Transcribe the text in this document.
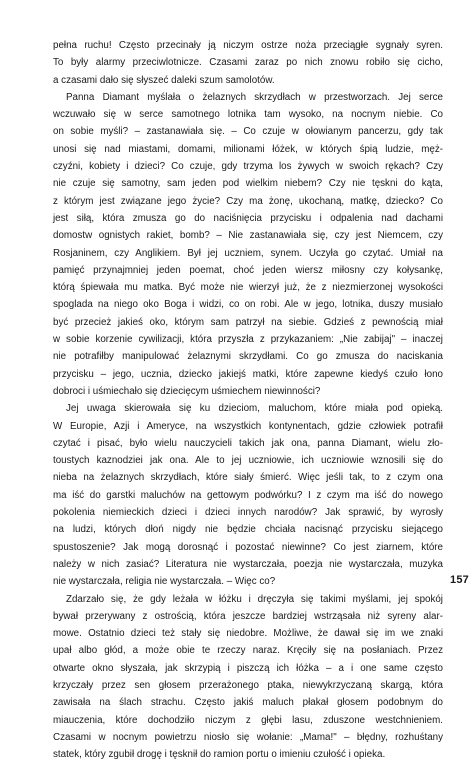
pełna ruchu! Często przecinały ją niczym ostrze noża przeciągłe sygnały syren.
To były alarmy przeciwlotnicze. Czasami zaraz po nich znowu robiło się cicho,
a czasami dało się słyszeć daleki szum samolotów.
Panna Diamant myślała o żelaznych skrzydłach w przestworzach. Jej serce
wczuwało się w serce samotnego lotnika tam wysoko, na nocnym niebie. Co
on sobie myśli? – zastanawiała się. – Co czuje w ołowianym pancerzu, gdy tak
unosi się nad miastami, domami, milionami łóżek, w których śpią ludzie, męż-
czyźni, kobiety i dzieci? Co czuje, gdy trzyma los żywych w swoich rękach? Czy
nie czuje się samotny, sam jeden pod wielkim niebem? Czy nie tęskni do kąta,
z którym jest związane jego życie? Czy ma żonę, ukochaną, matkę, dziecko? Co
jest siłą, która zmusza go do naciśnięcia przycisku i odpalenia nad dachami
domostw ognistych rakiet, bomb? – Nie zastanawiała się, czy jest Niemcem, czy
Rosjaninem, czy Anglikiem. Był jej uczniem, synem. Uczyła go czytać. Umiał na
pamięć przynajmniej jeden poemat, choć jeden wiersz miłosny czy kołysankę,
którą śpiewała mu matka. Być może nie wierzył już, że z niezmierzonej wysokości
spoglada na niego oko Boga i widzi, co on robi. Ale w jego, lotnika, duszy musiało
być przecież jakieś oko, którym sam patrzył na siebie. Gdzieś z pewnością miał
w sobie korzenie cywilizacji, która przyszła z przykazaniem: „Nie zabijaj" – inaczej
nie potrafiłby manipulować żelaznymi skrzydłami. Co go zmusza do naciskania
przycisku – jego, ucznia, dziecko jakiejś matki, które zapewne kiedyś czuło łono
dobroci i uśmiechało się dziecięcym uśmiechem niewinności?
Jej uwaga skierowała się ku dzieciom, maluchom, które miała pod opieką.
W Europie, Azji i Ameryce, na wszystkich kontynentach, gdzie człowiek potrafił
czytać i pisać, było wielu nauczycieli takich jak ona, panna Diamant, wielu zło-
toustych kaznodziei jak ona. Ale to jej uczniowie, ich uczniowie wznosili się do
nieba na żelaznych skrzydłach, które siały śmierć. Więc jeśli tak, to z czym ona
ma iść do garstki maluchów na gettowym podwórku? I z czym ma iść do nowego
pokolenia niemieckich dzieci i dzieci innych narodów? Jak sprawić, by wyrosły
na ludzi, których dłoń nigdy nie będzie chciała nacisnąć przycisku siejącego
spustoszenie? Jak mogą dorosnąć i pozostać niewinne? Co jest ziarnem, które
należy w nich zasiać? Literatura nie wystarczała, poezja nie wystarczała, muzyka
nie wystarczała, religia nie wystarczała. – Więc co?
Zdarzało się, że gdy leżała w łóżku i dręczyła się takimi myślami, jej spokój
bywał przerywany z ostrością, która jeszcze bardziej wstrząsała niż syreny alar-
mowe. Ostatnio dzieci też stały się niedobre. Możliwe, że dawał się im we znaki
upał albo głód, a może obie te rzeczy naraz. Kręciły się na posłaniach. Przez
otwarte okno słyszała, jak skrzypią i piszczą ich łóżka – a i one same często
krzyczały przez sen głosem przerażonego ptaka, niewykrzyczaną skargą, która
zawisała na ślach strachu. Często jakiś maluch płakał głosem podobnym do
miauczenia, które dochodziło niczym z głębi lasu, zduszone westchnieniem.
Czasami w nocnym powietrzu niosło się wołanie: „Mama!" – błędny, rozhuśtany
statek, który zgubił drogę i tęsknił do ramion portu o imieniu czułość i opieka.
157
